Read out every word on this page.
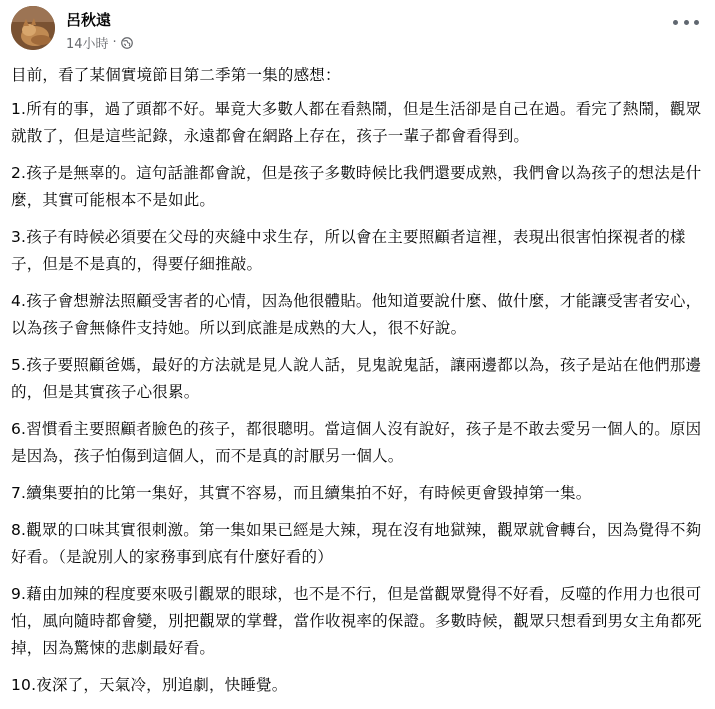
呂秋遠
14小時 ·

目前，看了某個實境節目第二季第一集的感想：

1.所有的事，過了頭都不好。畢竟大多數人都在看熱鬧，但是生活卻是自己在過。看完了熱鬧，觀眾就散了，但是這些記錄，永遠都會在網路上存在，孩子一輩子都會看得到。

2.孩子是無辜的。這句話誰都會說，但是孩子多數時候比我們還要成熟，我們會以為孩子的想法是什麼，其實可能根本不是如此。

3.孩子有時候必須要在父母的夾縫中求生存，所以會在主要照顧者這裡，表現出很害怕探視者的樣子，但是不是真的，得要仔細推敲。

4.孩子會想辦法照顧受害者的心情，因為他很體貼。他知道要說什麼、做什麼，才能讓受害者安心，以為孩子會無條件支持她。所以到底誰是成熟的大人，很不好說。

5.孩子要照顧爸媽，最好的方法就是見人說人話，見鬼說鬼話，讓兩邊都以為，孩子是站在他們那邊的，但是其實孩子心很累。

6.習慣看主要照顧者臉色的孩子，都很聰明。當這個人沒有說好，孩子是不敢去愛另一個人的。原因是因為，孩子怕傷到這個人，而不是真的討厭另一個人。

7.續集要拍的比第一集好，其實不容易，而且續集拍不好，有時候更會毀掉第一集。

8.觀眾的口味其實很刺激。第一集如果已經是大辣，現在沒有地獄辣，觀眾就會轉台，因為覺得不夠好看。（是說別人的家務事到底有什麼好看的）

9.藉由加辣的程度要來吸引觀眾的眼球，也不是不行，但是當觀眾覺得不好看，反噬的作用力也很可怕，風向隨時都會變，別把觀眾的掌聲，當作收視率的保證。多數時候，觀眾只想看到男女主角都死掉，因為驚悚的悲劇最好看。

10.夜深了，天氣冷，別追劇，快睡覺。
